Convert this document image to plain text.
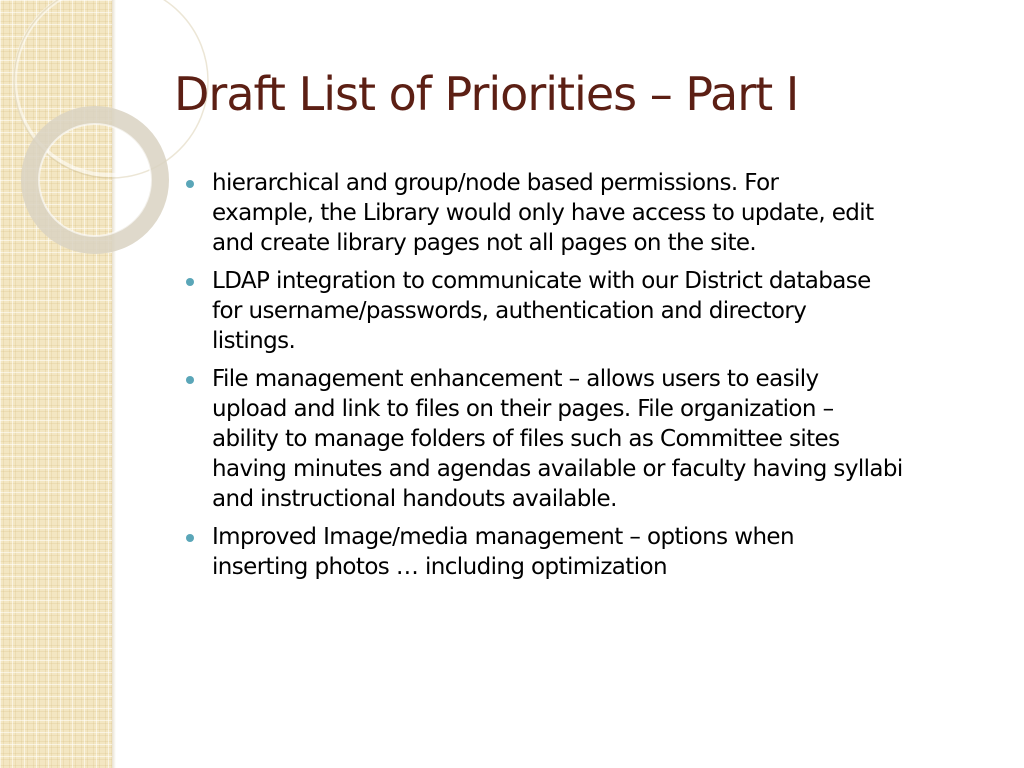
Draft List of Priorities – Part I
hierarchical and group/node based permissions. For
example, the Library would only have access to update, edit
and create library pages not all pages on the site.
LDAP integration to communicate with our District database
for username/passwords, authentication and directory
listings.
File management enhancement – allows users to easily
upload and link to files on their pages. File organization –
ability to manage folders of files such as Committee sites
having minutes and agendas available or faculty having syllabi
and instructional handouts available.
Improved Image/media management – options when
inserting photos … including optimization
